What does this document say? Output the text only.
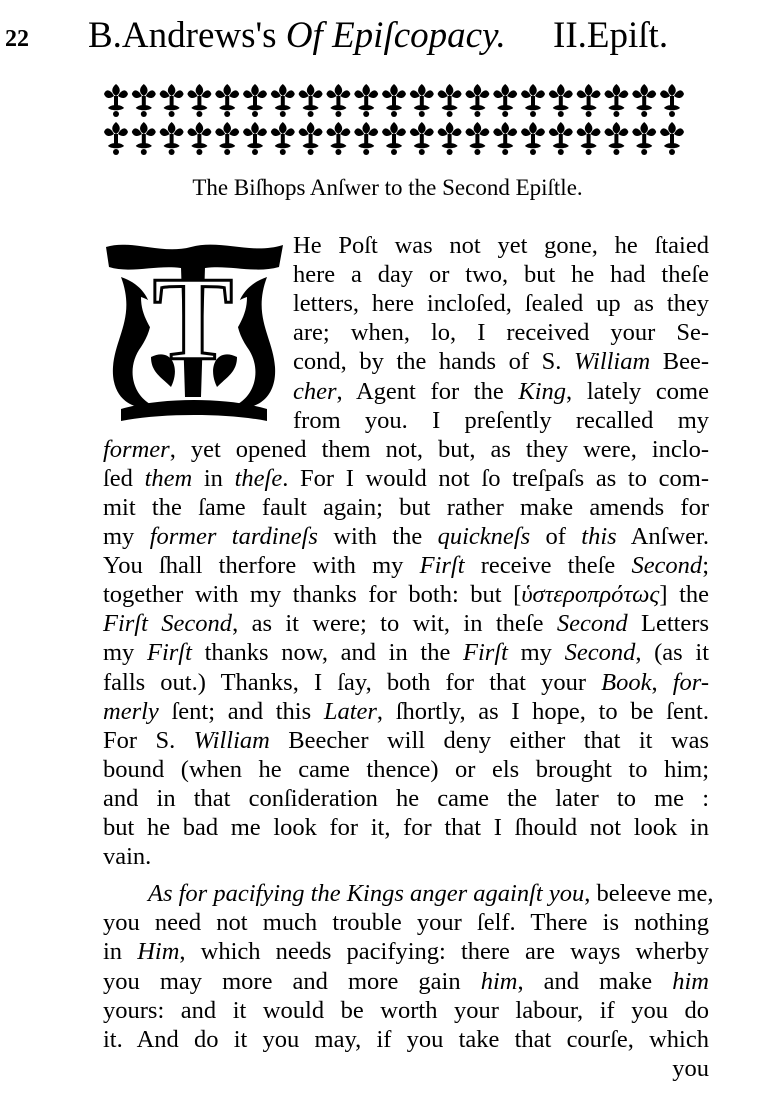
22 B.Andrews's Of Epiſcopacy. II.Epiſt.
The Biſhops Anſwer to the Second Epiſtle.
T
He Poſt was not yet gone, he ſtaied
here a day or two, but he had theſe
letters, here incloſed, ſealed up as they
are; when, lo, I received your Se-
cond, by the hands of S. William Bee-
cher, Agent for the King, lately come
from you. I preſently recalled my
former, yet opened them not, but, as they were, inclo-
ſed them in theſe. For I would not ſo treſpaſs as to com-
mit the ſame fault again; but rather make amends for
my former tardineſs with the quickneſs of this Anſwer.
You ſhall therfore with my Firſt receive theſe Second;
together with my thanks for both: but [ὑστεροπρότως] the
Firſt Second, as it were; to wit, in theſe Second Letters
my Firſt thanks now, and in the Firſt my Second, (as it
falls out.) Thanks, I ſay, both for that your Book, for-
merly ſent; and this Later, ſhortly, as I hope, to be ſent.
For S. William Beecher will deny either that it was
bound (when he came thence) or els brought to him;
and in that conſideration he came the later to me :
but he bad me look for it, for that I ſhould not look in
vain.
As for pacifying the Kings anger againſt you, beleeve me,
you need not much trouble your ſelf. There is nothing
in Him, which needs pacifying: there are ways wherby
you may more and more gain him, and make him
yours: and it would be worth your labour, if you do
it. And do it you may, if you take that courſe, which
you
